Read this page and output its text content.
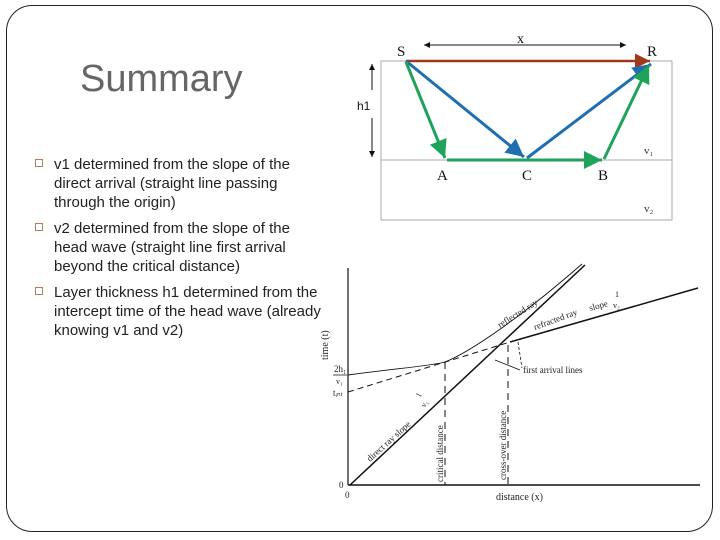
Summary
v1 determined from the slope of the direct arrival (straight line passing through the origin)
v2 determined from the slope of the head wave (straight line first arrival beyond the critical distance)
Layer thickness h1 determined from the intercept time of the head wave (already knowing v1 and v2)
S	R
x
h1
A	C	B
v₁
v₂
time (t)
distance (x)
0
0
2h₁
v₁
tᵢₙₜ
reflected ray
refracted ray
slope
1
v₂
first arrival lines
direct ray slope
1
v₁
critical distance	cross-over distance
